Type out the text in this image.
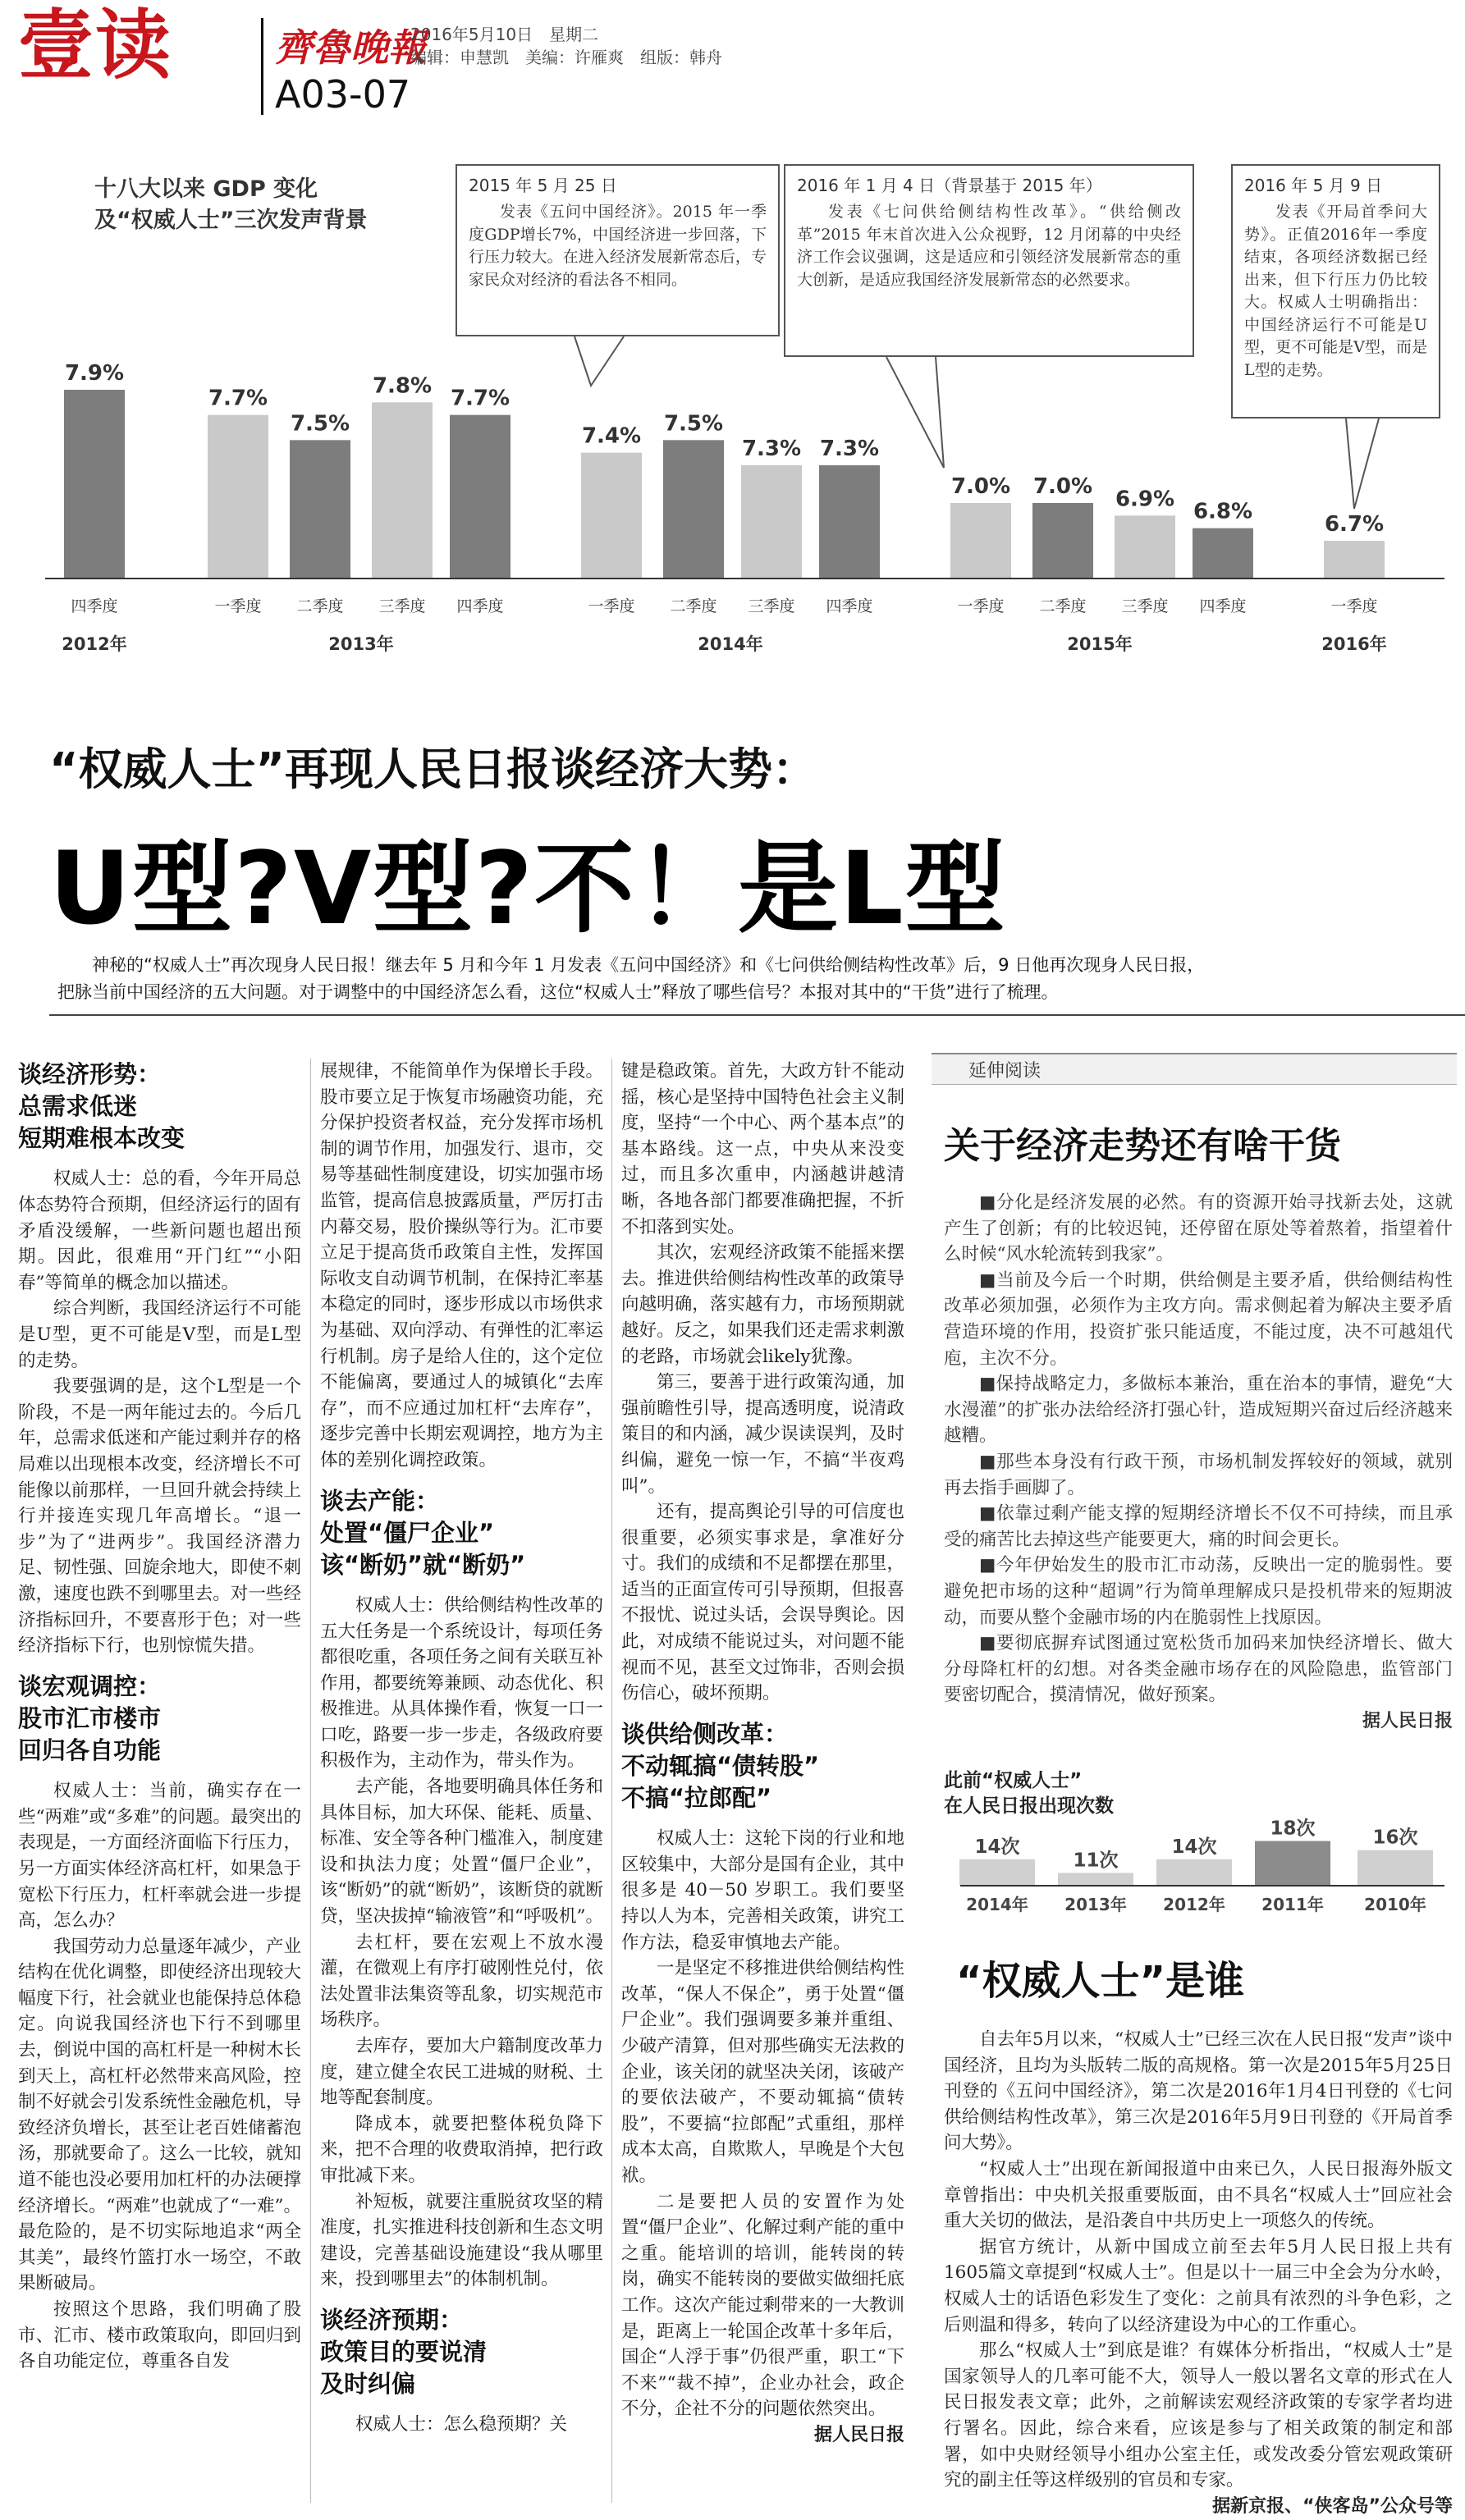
壹读	齊魯晚報
A03-07
2016年5月10日　星期二
编辑：申慧凯　美编：许雁爽　组版：韩舟
十八大以来 GDP 变化
及“权威人士”三次发声背景
2015 年 5 月 25 日
发表《五问中国经济》。2015 年一季度GDP增长7%，中国经济进一步回落，下行压力较大。在进入经济发展新常态后，专家民众对经济的看法各不相同。
2016 年 1 月 4 日（背景基于 2015 年）
发表《七问供给侧结构性改革》。“供给侧改革”2015 年末首次进入公众视野，12 月闭幕的中央经济工作会议强调，这是适应和引领经济发展新常态的重大创新，是适应我国经济发展新常态的必然要求。
2016 年 5 月 9 日
发表《开局首季问大势》。正值2016年一季度结束，各项经济数据已经出来，但下行压力仍比较大。权威人士明确指出：中国经济运行不可能是U型，更不可能是V型，而是L型的走势。
7.9%
7.7%
7.5%
7.8%
7.7%
7.4%
7.5%
7.3% 7.3%
7.0% 7.0%
6.9%
6.8%
6.7%
四季度	一季度 二季度 三季度 四季度	一季度 二季度 三季度 四季度	一季度 二季度 三季度 四季度	一季度
2012年	2013年	2014年	2015年	2016年
“权威人士”再现人民日报谈经济大势：
U型?V型?不！是L型
神秘的“权威人士”再次现身人民日报！继去年 5 月和今年 1 月发表《五问中国经济》和《七问供给侧结构性改革》后，9 日他再次现身人民日报，把脉当前中国经济的五大问题。对于调整中的中国经济怎么看，这位“权威人士”释放了哪些信号？本报对其中的“干货”进行了梳理。
谈经济形势：
总需求低迷
短期难根本改变

权威人士：总的看，今年开局总体态势符合预期，但经济运行的固有矛盾没缓解，一些新问题也超出预期。因此，很难用“开门红”“小阳春”等简单的概念加以描述。

综合判断，我国经济运行不可能是U型，更不可能是V型，而是L型的走势。

我要强调的是，这个L型是一个阶段，不是一两年能过去的。今后几年，总需求低迷和产能过剩并存的格局难以出现根本改变，经济增长不可能像以前那样，一旦回升就会持续上行并接连实现几年高增长。“退一步”为了“进两步”。我国经济潜力足、韧性强、回旋余地大，即使不刺激，速度也跌不到哪里去。对一些经济指标回升，不要喜形于色；对一些经济指标下行，也别惊慌失措。

谈宏观调控：
股市汇市楼市
回归各自功能

权威人士：当前，确实存在一些“两难”或“多难”的问题。最突出的表现是，一方面经济面临下行压力，另一方面实体经济高杠杆，如果急于宽松下行压力，杠杆率就会进一步提高，怎么办？

我国劳动力总量逐年减少，产业结构在优化调整，即使经济出现较大幅度下行，社会就业也能保持总体稳定。向说我国经济也下行不到哪里去，倒说中国的高杠杆是一种树木长到天上，高杠杆必然带来高风险，控制不好就会引发系统性金融危机，导致经济负增长，甚至让老百姓储蓄泡汤，那就要命了。这么一比较，就知道不能也没必要用加杠杆的办法硬撑经济增长。“两难”也就成了“一难”。最危险的，是不切实际地追求“两全其美”，最终竹篮打水一场空，不敢果断破局。

按照这个思路，我们明确了股市、汇市、楼市政策取向，即回归到各自功能定位，尊重各自发

展规律，不能简单作为保增长手段。股市要立足于恢复市场融资功能，充分保护投资者权益，充分发挥市场机制的调节作用，加强发行、退市，交易等基础性制度建设，切实加强市场监管，提高信息披露质量，严厉打击内幕交易，股价操纵等行为。汇市要立足于提高货币政策自主性，发挥国际收支自动调节机制，在保持汇率基本稳定的同时，逐步形成以市场供求为基础、双向浮动、有弹性的汇率运行机制。房子是给人住的，这个定位不能偏离，要通过人的城镇化“去库存”，而不应通过加杠杆“去库存”，逐步完善中长期宏观调控，地方为主体的差别化调控政策。

谈去产能：
处置“僵尸企业”
该“断奶”就“断奶”

权威人士：供给侧结构性改革的五大任务是一个系统设计，每项任务都很吃重，各项任务之间有关联互补作用，都要统筹兼顾、动态优化、积极推进。从具体操作看，恢复一口一口吃，路要一步一步走，各级政府要积极作为，主动作为，带头作为。

去产能，各地要明确具体任务和具体目标，加大环保、能耗、质量、标准、安全等各种门槛准入，制度建设和执法力度；处置“僵尸企业”，该“断奶”的就“断奶”，该断贷的就断贷，坚决拔掉“输液管”和“呼吸机”。

去杠杆，要在宏观上不放水漫灌，在微观上有序打破刚性兑付，依法处置非法集资等乱象，切实规范市场秩序。

去库存，要加大户籍制度改革力度，建立健全农民工进城的财税、土地等配套制度。

降成本，就要把整体税负降下来，把不合理的收费取消掉，把行政审批减下来。

补短板，就要注重脱贫攻坚的精准度，扎实推进科技创新和生态文明建设，完善基础设施建设“我从哪里来，投到哪里去”的体制机制。

谈经济预期：
政策目的要说清
及时纠偏

权威人士：怎么稳预期？关

键是稳政策。首先，大政方针不能动摇，核心是坚持中国特色社会主义制度，坚持“一个中心、两个基本点”的基本路线。这一点，中央从来没变过，而且多次重申，内涵越讲越清晰，各地各部门都要准确把握，不折不扣落到实处。

其次，宏观经济政策不能摇来摆去。推进供给侧结构性改革的政策导向越明确，落实越有力，市场预期就越好。反之，如果我们还走需求刺激的老路，市场就会likely犹豫。

第三，要善于进行政策沟通，加强前瞻性引导，提高透明度，说清政策目的和内涵，减少误读误判，及时纠偏，避免一惊一乍，不搞“半夜鸡叫”。

还有，提高舆论引导的可信度也很重要，必须实事求是，拿准好分寸。我们的成绩和不足都摆在那里，适当的正面宣传可引导预期，但报喜不报忧、说过头话，会误导舆论。因此，对成绩不能说过头，对问题不能视而不见，甚至文过饰非，否则会损伤信心，破坏预期。

谈供给侧改革：
不动辄搞“债转股”
不搞“拉郎配”

权威人士：这轮下岗的行业和地区较集中，大部分是国有企业，其中很多是 40－50 岁职工。我们要坚持以人为本，完善相关政策，讲究工作方法，稳妥审慎地去产能。

一是坚定不移推进供给侧结构性改革，“保人不保企”，勇于处置“僵尸企业”。我们强调要多兼并重组、少破产清算，但对那些确实无法救的企业，该关闭的就坚决关闭，该破产的要依法破产，不要动辄搞“债转股”，不要搞“拉郎配”式重组，那样成本太高，自欺欺人，早晚是个大包袱。

二是要把人员的安置作为处置“僵尸企业”、化解过剩产能的重中之重。能培训的培训，能转岗的转岗，确实不能转岗的要做实做细托底工作。这次产能过剩带来的一大教训是，距离上一轮国企改革十多年后，国企“人浮于事”仍很严重，职工“下不来”“裁不掉”，企业办社会，政企不分，企社不分的问题依然突出。

据人民日报
延伸阅读
关于经济走势还有啥干货

■分化是经济发展的必然。有的资源开始寻找新去处，这就产生了创新；有的比较迟钝，还停留在原处等着熬着，指望着什么时候“风水轮流转到我家”。

■当前及今后一个时期，供给侧是主要矛盾，供给侧结构性改革必须加强，必须作为主攻方向。需求侧起着为解决主要矛盾营造环境的作用，投资扩张只能适度，不能过度，决不可越俎代庖，主次不分。

■保持战略定力，多做标本兼治，重在治本的事情，避免“大水漫灌”的扩张办法给经济打强心针，造成短期兴奋过后经济越来越糟。

■那些本身没有行政干预，市场机制发挥较好的领域，就别再去指手画脚了。

■依靠过剩产能支撑的短期经济增长不仅不可持续，而且承受的痛苦比去掉这些产能要更大，痛的时间会更长。

■今年伊始发生的股市汇市动荡，反映出一定的脆弱性。要避免把市场的这种“超调”行为简单理解成只是投机带来的短期波动，而要从整个金融市场的内在脆弱性上找原因。

■要彻底摒弃试图通过宽松货币加码来加快经济增长、做大分母降杠杆的幻想。对各类金融市场存在的风险隐患，监管部门要密切配合，摸清情况，做好预案。

据人民日报
此前“权威人士”
在人民日报出现次数
14次
2014年
11次
2013年
14次
2012年
18次
2011年
16次
2010年
“权威人士”是谁

自去年5月以来，“权威人士”已经三次在人民日报“发声”谈中国经济，且均为头版转二版的高规格。第一次是2015年5月25日刊登的《五问中国经济》，第二次是2016年1月4日刊登的《七问供给侧结构性改革》，第三次是2016年5月9日刊登的《开局首季问大势》。

“权威人士”出现在新闻报道中由来已久，人民日报海外版文章曾指出：中央机关报重要版面，由不具名“权威人士”回应社会重大关切的做法，是沿袭自中共历史上一项悠久的传统。

据官方统计，从新中国成立前至去年5月人民日报上共有1605篇文章提到“权威人士”。但是以十一届三中全会为分水岭，权威人士的话语色彩发生了变化：之前具有浓烈的斗争色彩，之后则温和得多，转向了以经济建设为中心的工作重心。

那么“权威人士”到底是谁？有媒体分析指出，“权威人士”是国家领导人的几率可能不大，领导人一般以署名文章的形式在人民日报发表文章；此外，之前解读宏观经济政策的专家学者均进行署名。因此，综合来看，应该是参与了相关政策的制定和部署，如中央财经领导小组办公室主任，或发改委分管宏观政策研究的副主任等这样级别的官员和专家。

据新京报、“侠客岛”公众号等
